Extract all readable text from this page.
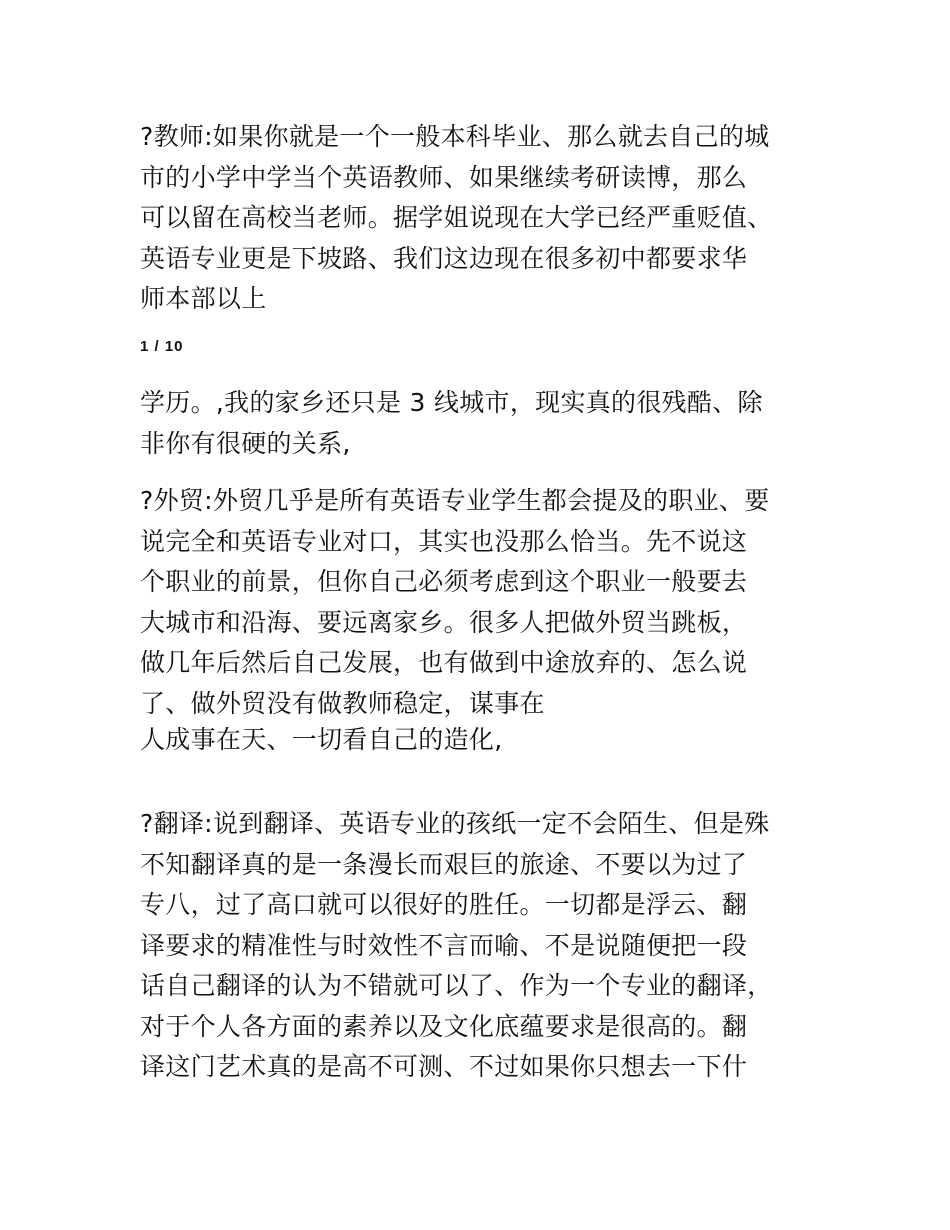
?教师:如果你就是一个一般本科毕业、那么就去自己的城
市的小学中学当个英语教师、如果继续考研读博，那么
可以留在高校当老师。据学姐说现在大学已经严重贬值、
英语专业更是下坡路、我们这边现在很多初中都要求华
师本部以上
1 / 10
学历。,我的家乡还只是 3 线城市，现实真的很残酷、除
非你有很硬的关系,
?外贸:外贸几乎是所有英语专业学生都会提及的职业、要
说完全和英语专业对口，其实也没那么恰当。先不说这
个职业的前景，但你自己必须考虑到这个职业一般要去
大城市和沿海、要远离家乡。很多人把做外贸当跳板，
做几年后然后自己发展，也有做到中途放弃的、怎么说
了、做外贸没有做教师稳定，谋事在
人成事在天、一切看自己的造化,
?翻译:说到翻译、英语专业的孩纸一定不会陌生、但是殊
不知翻译真的是一条漫长而艰巨的旅途、不要以为过了
专八，过了高口就可以很好的胜任。一切都是浮云、翻
译要求的精准性与时效性不言而喻、不是说随便把一段
话自己翻译的认为不错就可以了、作为一个专业的翻译，
对于个人各方面的素养以及文化底蕴要求是很高的。翻
译这门艺术真的是高不可测、不过如果你只想去一下什
